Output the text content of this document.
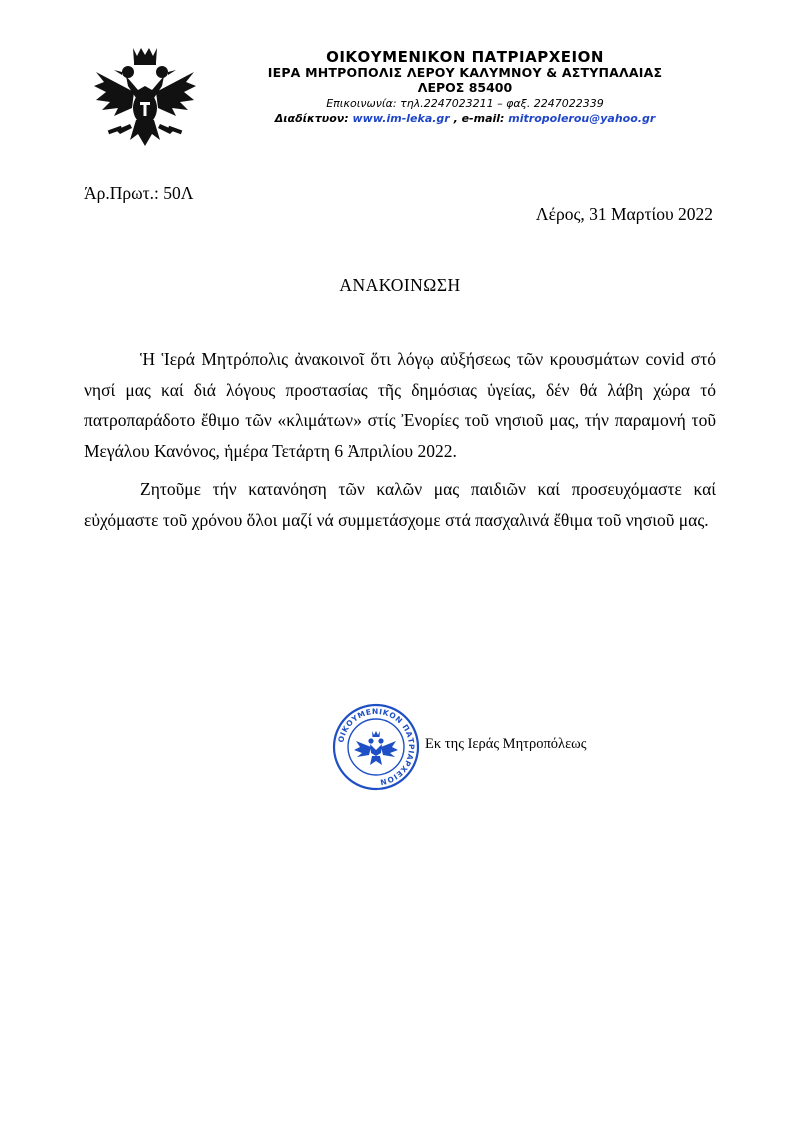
ΟΙΚΟΥΜΕΝΙΚΟΝ ΠΑΤΡΙΑΡΧΕΙΟΝ
ΙΕΡΑ ΜΗΤΡΟΠΟΛΙΣ ΛΕΡΟΥ ΚΑΛΥΜΝΟΥ & ΑΣΤΥΠΑΛΑΙΑΣ
ΛΕΡΟΣ 85400
Επικοινωνία: τηλ.2247023211 – φαξ. 2247022339
Διαδίκτυον: www.im-leka.gr , e-mail: mitropolerou@yahoo.gr
Άρ.Πρωτ.: 50Λ
Λέρος, 31 Μαρτίου 2022
ΑΝΑΚΟΙΝΩΣΗ

Ἡ Ἱερά Μητρόπολις ἀνακοινοῖ ὅτι λόγῳ αὐξήσεως τῶν κρουσμάτων covid στό νησί μας καί διά λόγους προστασίας τῆς δημόσιας ὑγείας, δέν θά λάβη χώρα τό πατροπαράδοτο ἔθιμο τῶν «κλιμάτων» στίς Ἐνορίες τοῦ νησιοῦ μας, τήν παραμονή τοῦ Μεγάλου Κανόνος, ἡμέρα Τετάρτη 6 Ἀπριλίου 2022.

Ζητοῦμε τήν κατανόηση τῶν καλῶν μας παιδιῶν καί προσευχόμαστε καί εὐχόμαστε τοῦ χρόνου ὅλοι μαζί νά συμμετάσχομε στά πασχαλινά ἔθιμα τοῦ νησιοῦ μας.

ΟΙΚΟΥΜΕΝΙΚΟΝ ΠΑΤΡΙΑΡΧΕΙΟΝ
Εκ της Ιεράς Μητροπόλεως
